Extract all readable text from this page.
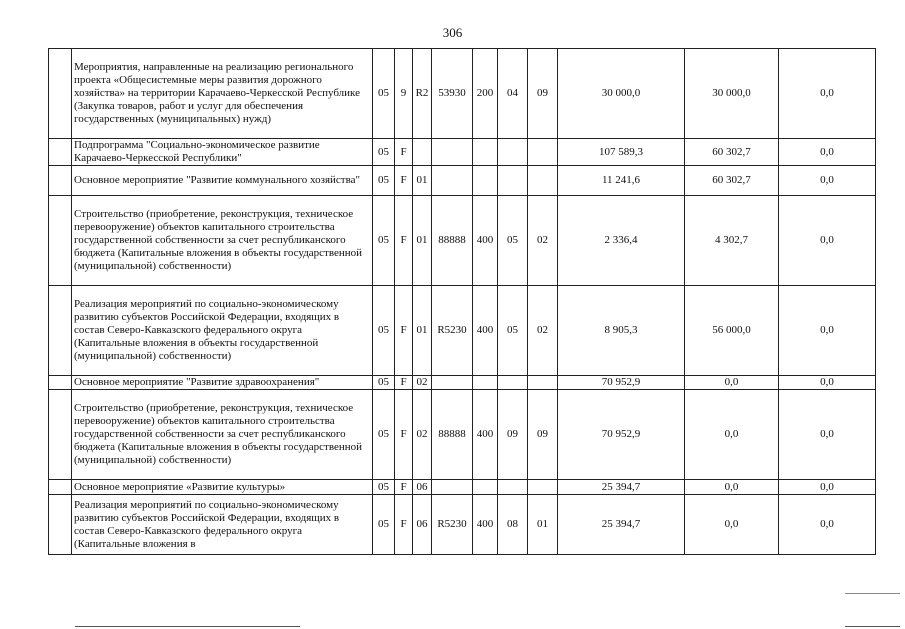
306
	Мероприятия, направленные на реализацию регионального проекта «Общесистемные меры развития дорожного хозяйства» на территории Карачаево-Черкесской Республике (Закупка товаров, работ и услуг для обеспечения государственных (муниципальных) нужд)	05	9	R2	53930	200	04	09	30 000,0	30 000,0	0,0
	Подпрограмма "Социально-экономическое развитие Карачаево-Черкесской Республики"	05	F						107 589,3	60 302,7	0,0
	Основное мероприятие "Развитие коммунального хозяйства"	05	F	01					11 241,6	60 302,7	0,0
	Строительство (приобретение, реконструкция, техническое перевооружение) объектов капитального строительства государственной собственности за счет республиканского бюджета (Капитальные вложения в объекты государственной (муниципальной) собственности)	05	F	01	88888	400	05	02	2 336,4	4 302,7	0,0
	Реализация мероприятий по социально-экономическому развитию субъектов Российской Федерации, входящих в состав Северо-Кавказского федерального округа (Капитальные вложения в объекты государственной (муниципальной) собственности)	05	F	01	R5230	400	05	02	8 905,3	56 000,0	0,0
	Основное мероприятие "Развитие здравоохранения"	05	F	02					70 952,9	0,0	0,0
	Строительство (приобретение, реконструкция, техническое перевооружение) объектов капитального строительства государственной собственности за счет республиканского бюджета (Капитальные вложения в объекты государственной (муниципальной) собственности)	05	F	02	88888	400	09	09	70 952,9	0,0	0,0
	Основное мероприятие «Развитие культуры»	05	F	06					25 394,7	0,0	0,0
	Реализация мероприятий по социально-экономическому развитию субъектов Российской Федерации, входящих в состав Северо-Кавказского федерального округа (Капитальные вложения в	05	F	06	R5230	400	08	01	25 394,7	0,0	0,0
